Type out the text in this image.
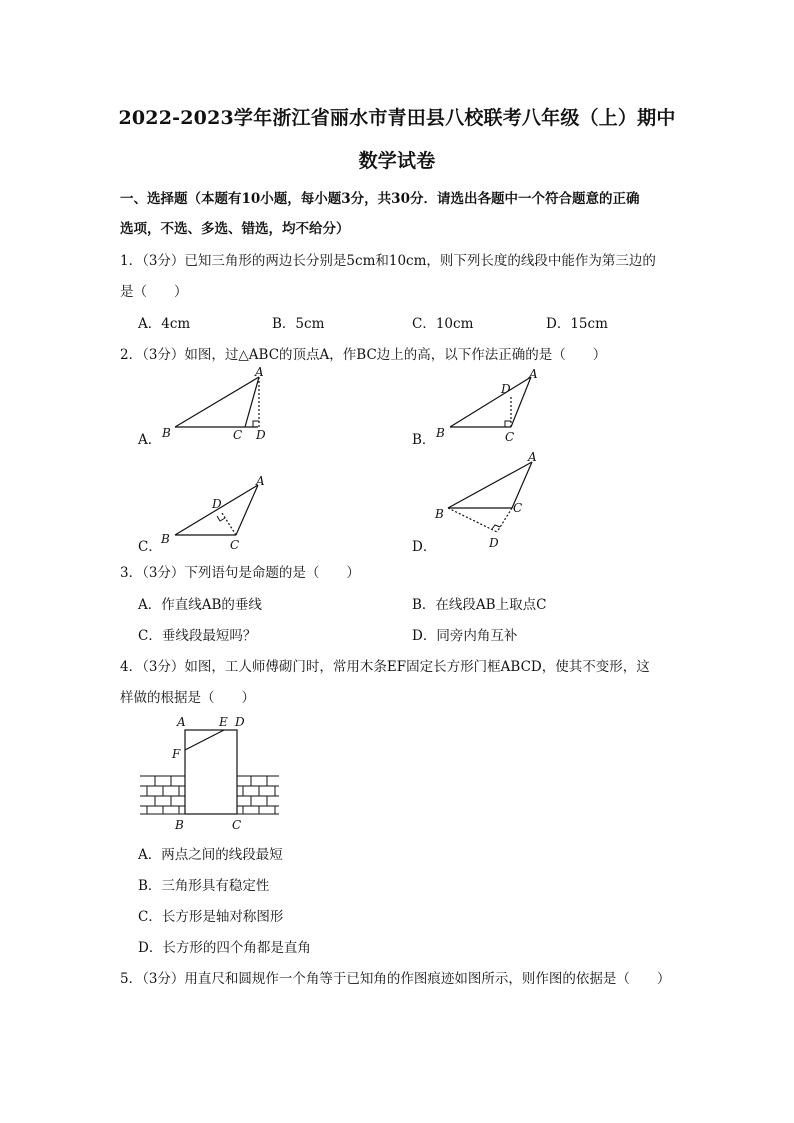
2022-2023学年浙江省丽水市青田县八校联考八年级（上）期中
数学试卷
一、选择题（本题有10小题，每小题3分，共30分．请选出各题中一个符合题意的正确
选项，不选、多选、错选，均不给分）
1．（3分）已知三角形的两边长分别是5cm和10cm，则下列长度的线段中能作为第三边的
是（　　）
A．4cm	B．5cm	C．10cm	D．15cm
2．（3分）如图，过△ABC的顶点A，作BC边上的高，以下作法正确的是（　　）
A．
A
B	C D	B．
A
B	C
D
C．
A
B	C
D
D．
A
B	C
D
3．（3分）下列语句是命题的是（　　）
A．作直线AB的垂线	B．在线段AB上取点C
C．垂线段最短吗？	D．同旁内角互补
4．（3分）如图，工人师傅砌门时，常用木条EF固定长方形门框ABCD，使其不变形，这
样做的根据是（　　）
A	E D
F
B	C
A．两点之间的线段最短
B．三角形具有稳定性
C．长方形是轴对称图形
D．长方形的四个角都是直角
5．（3分）用直尺和圆规作一个角等于已知角的作图痕迹如图所示，则作图的依据是（　　）
